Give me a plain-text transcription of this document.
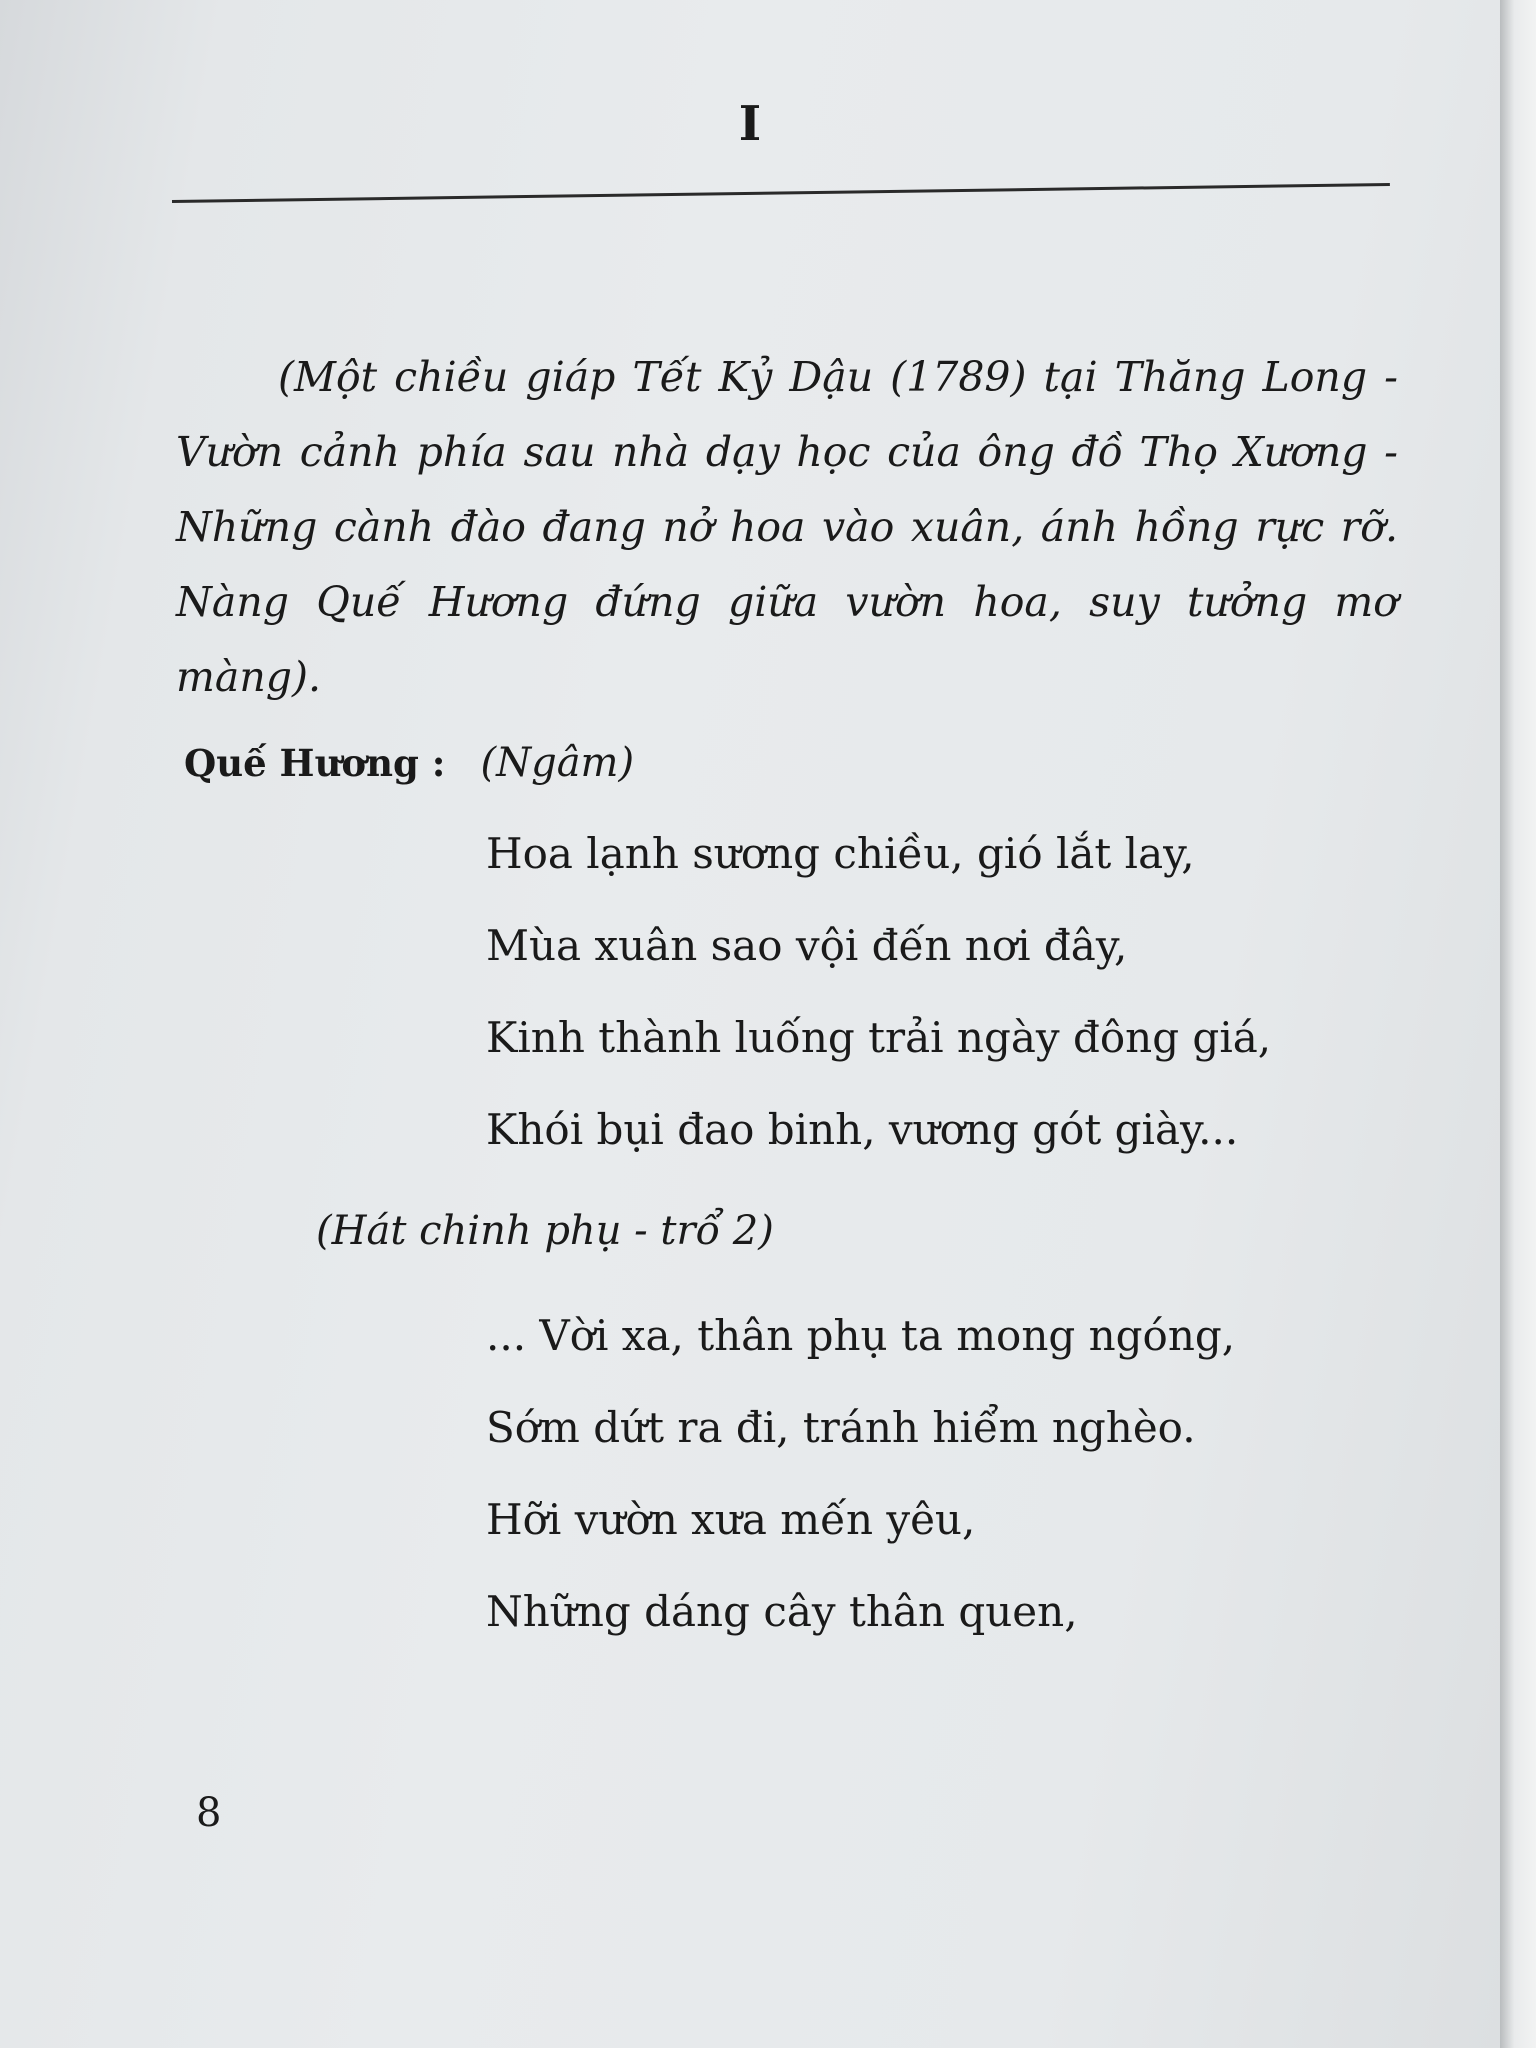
I

(Một chiều giáp Tết Kỷ Dậu (1789) tại Thăng Long - Vườn cảnh phía sau nhà dạy học của ông đồ Thọ Xương - Những cành đào đang nở hoa vào xuân, ánh hồng rực rỡ. Nàng Quế Hương đứng giữa vườn hoa, suy tưởng mơ màng).

Quế Hương : (Ngâm)
Hoa lạnh sương chiều, gió lắt lay,
Mùa xuân sao vội đến nơi đây,
Kinh thành luống trải ngày đông giá,
Khói bụi đao binh, vương gót giày...

(Hát chinh phụ - trổ 2)

... Vời xa, thân phụ ta mong ngóng,
Sớm dứt ra đi, tránh hiểm nghèo.
Hỡi vườn xưa mến yêu,
Những dáng cây thân quen,

8
